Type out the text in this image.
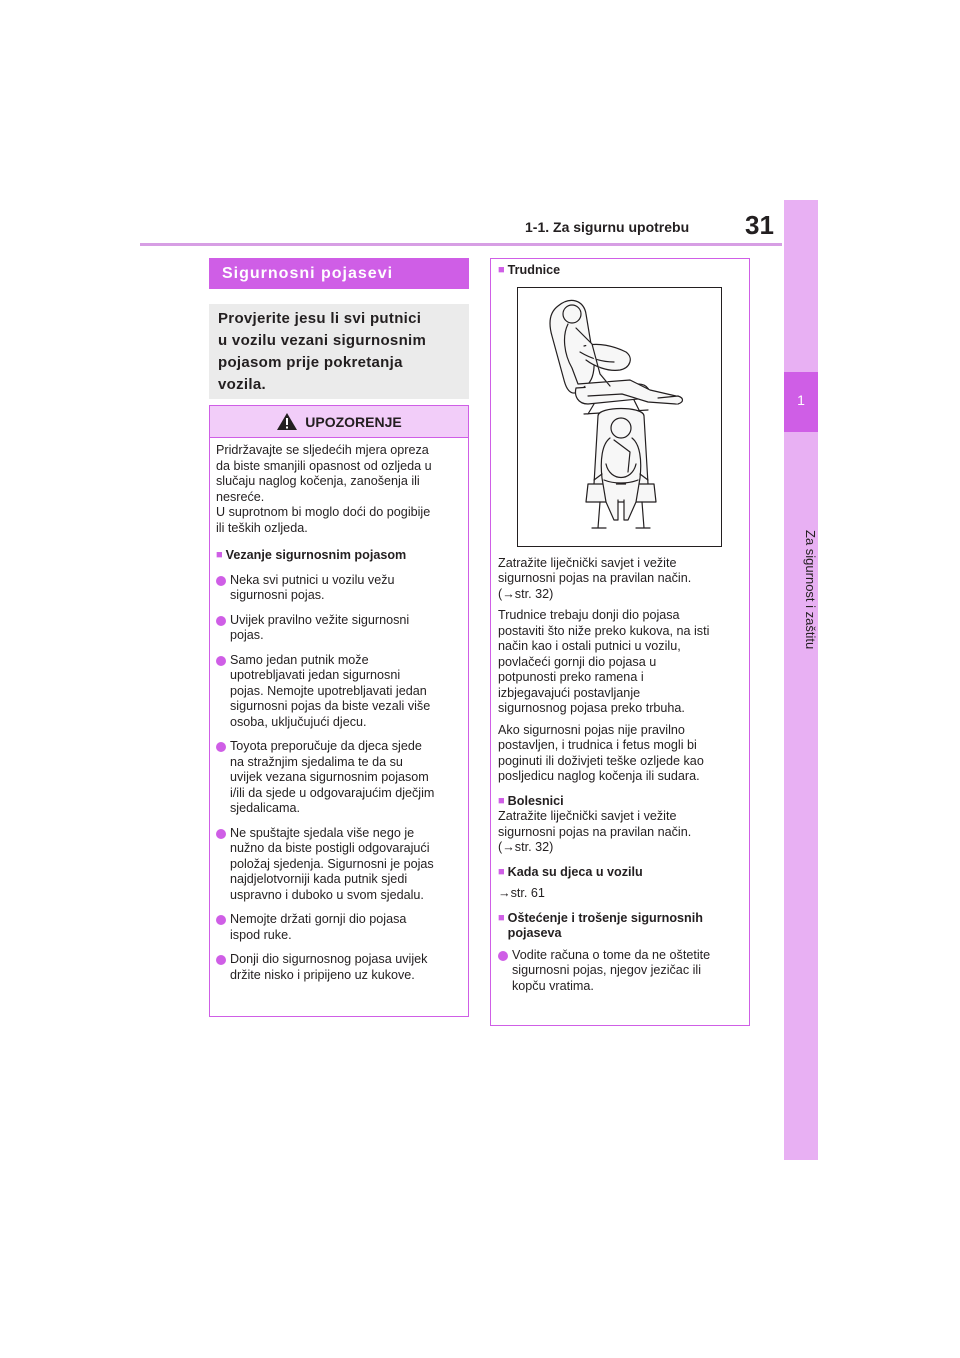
1-1. Za sigurnu upotrebu 31
1
Za sigurnost i zaštitu
Sigurnosni pojasevi
Provjerite jesu li svi putnici
u vozilu vezani sigurnosnim
pojasom prije pokretanja
vozila.
UPOZORENJE
Pridržavajte se sljedećih mjera opreza
da biste smanjili opasnost od ozljeda u
slučaju naglog kočenja, zanošenja ili
nesreće.
U suprotnom bi moglo doći do pogibije
ili teških ozljeda.
■ Vezanje sigurnosnim pojasom
Neka svi putnici u vozilu vežu
sigurnosni pojas.
Uvijek pravilno vežite sigurnosni
pojas.
Samo jedan putnik može
upotrebljavati jedan sigurnosni
pojas. Nemojte upotrebljavati jedan
sigurnosni pojas da biste vezali više
osoba, uključujući djecu.
Toyota preporučuje da djeca sjede
na stražnjim sjedalima te da su
uvijek vezana sigurnosnim pojasom
i/ili da sjede u odgovarajućim dječjim
sjedalicama.
Ne spuštajte sjedala više nego je
nužno da biste postigli odgovarajući
položaj sjedenja. Sigurnosni je pojas
najdjelotvorniji kada putnik sjedi
uspravno i duboko u svom sjedalu.
Nemojte držati gornji dio pojasa
ispod ruke.
Donji dio sigurnosnog pojasa uvijek
držite nisko i pripijeno uz kukove.
■ Trudnice
Zatražite liječnički savjet i vežite
sigurnosni pojas na pravilan način.
(→str. 32)
Trudnice trebaju donji dio pojasa
postaviti što niže preko kukova, na isti
način kao i ostali putnici u vozilu,
povlačeći gornji dio pojasa u
potpunosti preko ramena i
izbjegavajući postavljanje
sigurnosnog pojasa preko trbuha.
Ako sigurnosni pojas nije pravilno
postavljen, i trudnica i fetus mogli bi
poginuti ili doživjeti teške ozljede kao
posljedicu naglog kočenja ili sudara.
■ Bolesnici
Zatražite liječnički savjet i vežite
sigurnosni pojas na pravilan način.
(→str. 32)
■ Kada su djeca u vozilu
→str. 61
■ Oštećenje i trošenje sigurnosnih
pojaseva
Vodite računa o tome da ne oštetite
sigurnosni pojas, njegov jezičac ili
kopču vratima.
